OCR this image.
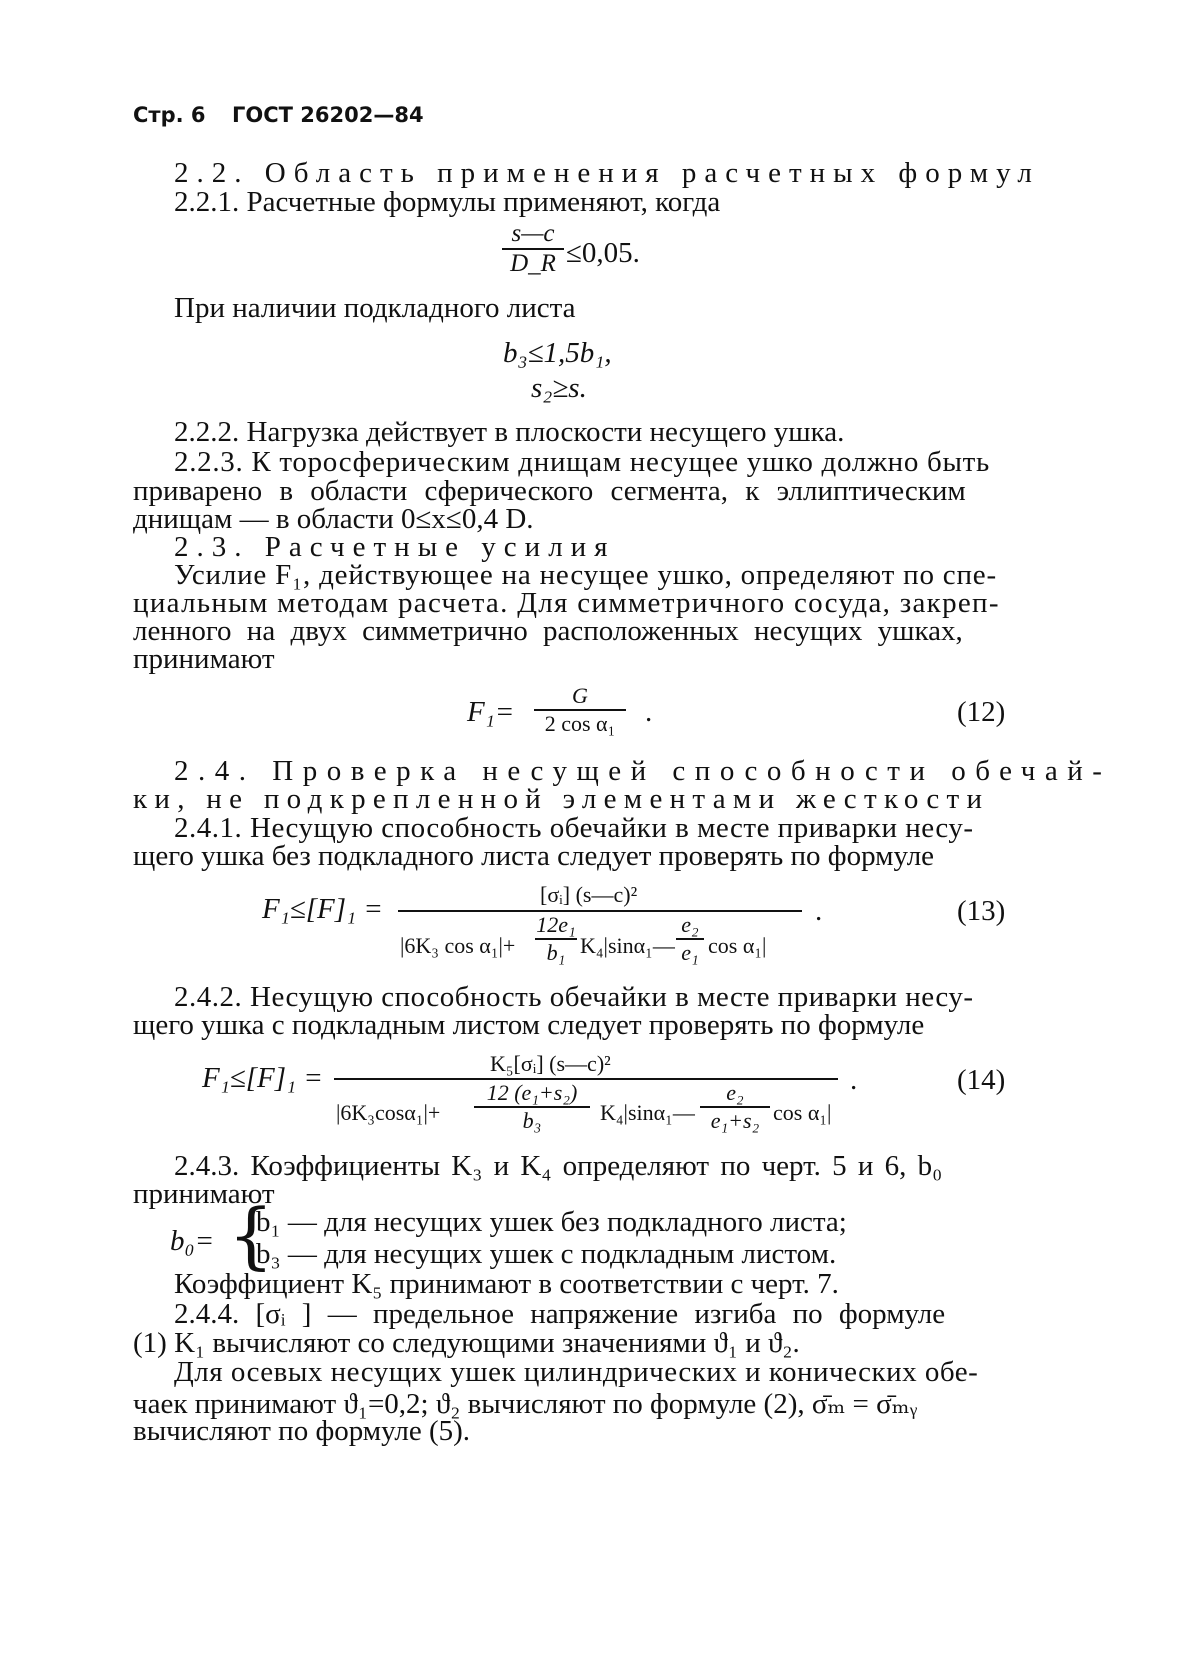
Стр. 6 ГОСТ 26202—84
2.2. Область применения расчетных формул
2.2.1. Расчетные формулы применяют, когда
s—c
D_R ≤0,05.
При наличии подкладного листа
b₃≤1,5b₁,
s₂≥s.
2.2.2. Нагрузка действует в плоскости несущего ушка.
2.2.3. К торосферическим днищам несущее ушко должно быть
приварено в области сферического сегмента, к эллиптическим
днищам — в области 0≤x≤0,4 D.
2.3. Расчетные усилия
Усилие F₁, действующее на несущее ушко, определяют по спе-
циальным методам расчета. Для симметричного сосуда, закреп-
ленного на двух симметрично расположенных несущих ушках,
принимают
F₁=
G
2 cos α₁	.	(12)
2.4. Проверка несущей способности обечай-
ки, не подкрепленной элементами жесткости
2.4.1. Несущую способность обечайки в месте приварки несу-
щего ушка без подкладного листа следует проверять по формуле
F₁≤[F]₁ =	[σᵢ] (s—c)²
|6K₃ cos α₁|+
12e₁
b₁ K₄|sinα₁—
e₂
e₁ cos α₁|
.	(13)
2.4.2. Несущую способность обечайки в месте приварки несу-
щего ушка с подкладным листом следует проверять по формуле
F₁≤[F]₁ =	K₅[σᵢ] (s—c)²
|6K₃cosα₁|+
12 (e₁+s₂)
b₃	K₄|sinα₁—
e₂
e₁+s₂ cos α₁|
.	(14)
2.4.3. Коэффициенты K₃ и K₄ определяют по черт. 5 и 6, b₀
принимают
b₀= {
b₁ — для несущих ушек без подкладного листа;
b₃ — для несущих ушек с подкладным листом.
Коэффициент K₅ принимают в соответствии с черт. 7.
2.4.4. [σᵢ ] — предельное напряжение изгиба по формуле
(1) K₁ вычисляют со следующими значениями ϑ₁ и ϑ₂.
Для осевых несущих ушек цилиндрических и конических обе-
чаек принимают ϑ₁=0,2; ϑ₂ вычисляют по формуле (2), σ̄ₘ = σ̄ₘᵧ
вычисляют по формуле (5).
